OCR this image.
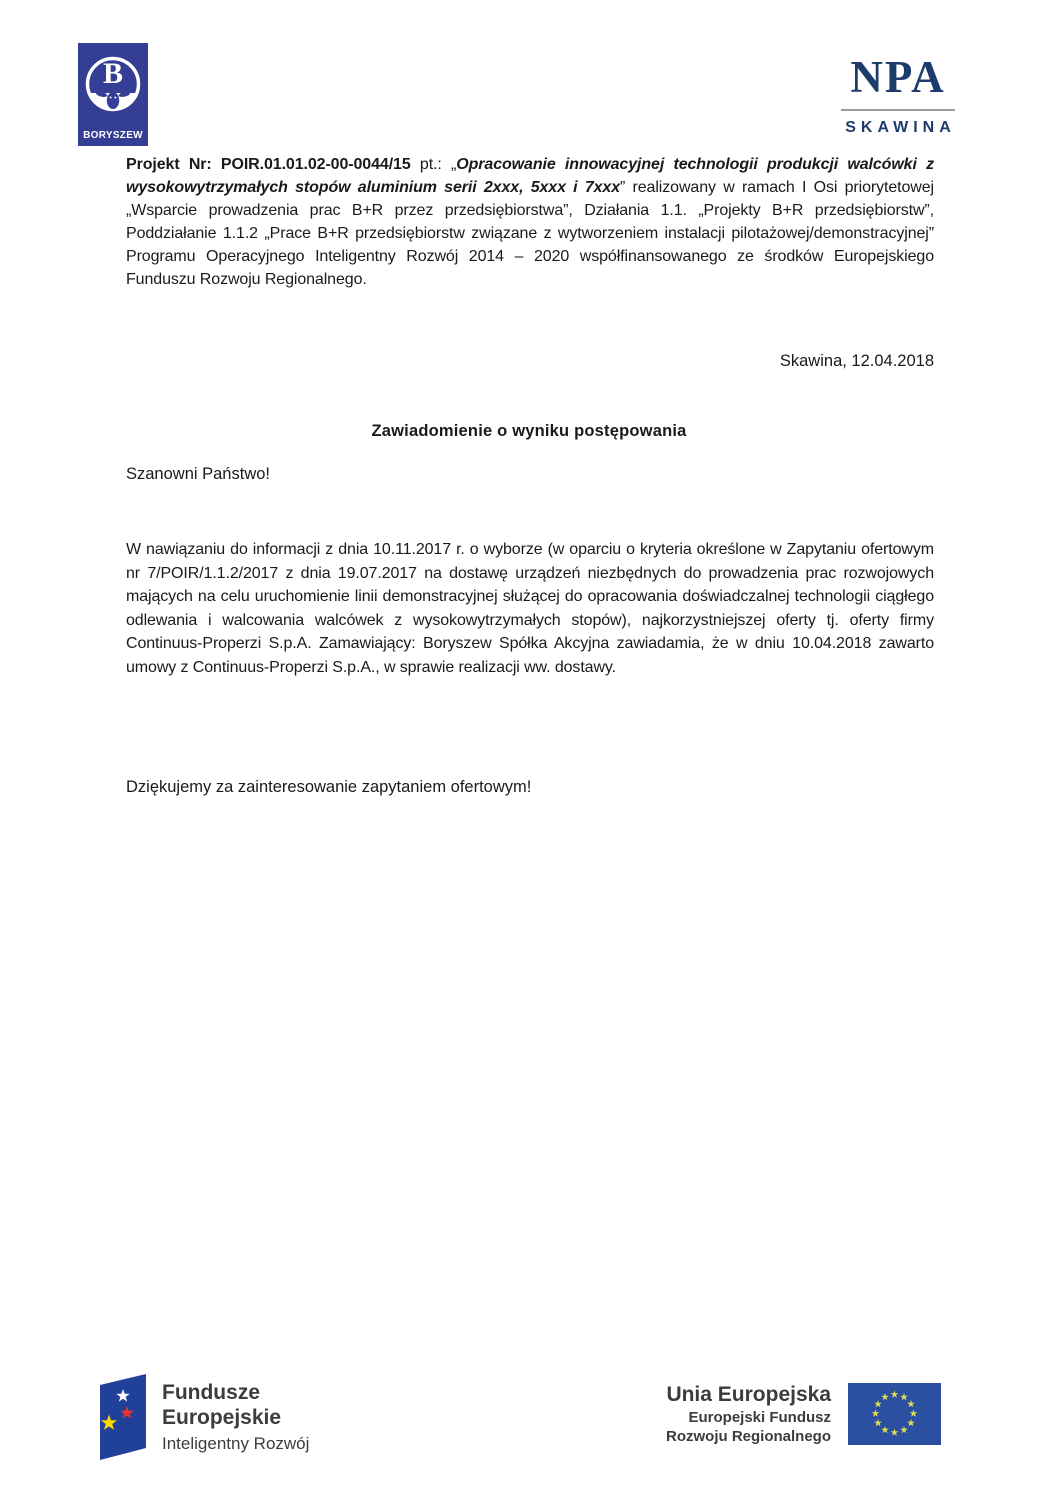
B
BORYSZEW
NPA
SKAWINA

Projekt Nr: POIR.01.01.02-00-0044/15 pt.: „Opracowanie innowacyjnej technologii produkcji walcówki z wysokowytrzymałych stopów aluminium serii 2xxx, 5xxx i 7xxx” realizowany w ramach I Osi priorytetowej „Wsparcie prowadzenia prac B+R przez przedsiębiorstwa”, Działania 1.1. „Projekty B+R przedsiębiorstw”, Poddziałanie 1.1.2 „Prace B+R przedsiębiorstw związane z wytworzeniem instalacji pilotażowej/demonstracyjnej” Programu Operacyjnego Inteligentny Rozwój 2014 – 2020 współfinansowanego ze środków Europejskiego Funduszu Rozwoju Regionalnego.

Skawina, 12.04.2018
Zawiadomienie o wyniku postępowania
Szanowni Państwo!

W nawiązaniu do informacji z dnia 10.11.2017 r. o wyborze (w oparciu o kryteria określone w Zapytaniu ofertowym nr 7/POIR/1.1.2/2017 z dnia 19.07.2017 na dostawę urządzeń niezbędnych do prowadzenia prac rozwojowych mających na celu uruchomienie linii demonstracyjnej służącej do opracowania doświadczalnej technologii ciągłego odlewania i walcowania walcówek z wysokowytrzymałych stopów), najkorzystniejszej oferty tj. oferty firmy Continuus-Properzi S.p.A. Zamawiający: Boryszew Spółka Akcyjna zawiadamia, że w dniu 10.04.2018 zawarto umowy z Continuus-Properzi S.p.A., w sprawie realizacji ww. dostawy.

Dziękujemy za zainteresowanie zapytaniem ofertowym!
Fundusze
Europejskie
Inteligentny Rozwój
Unia Europejska
Europejski Fundusz
Rozwoju Regionalnego
